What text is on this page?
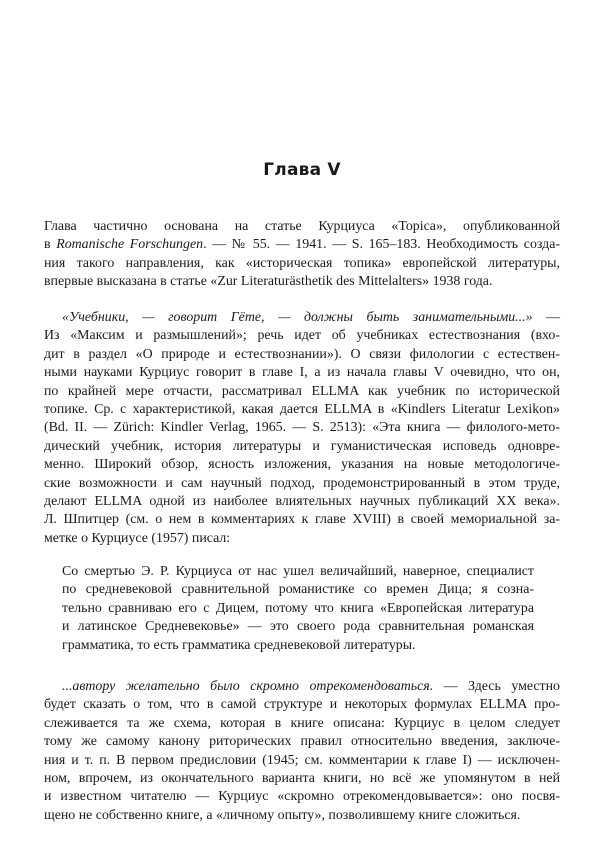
Глава V
Глава частично основана на статье Курциуса «Topica», опубликованной
в Romanische Forschungen. — № 55. — 1941. — S. 165–183. Необходимость созда-
ния такого направления, как «историческая топика» европейской литературы,
впервые высказана в статье «Zur Literaturästhetik des Mittelalters» 1938 года.
«Учебники, — говорит Гёте, — должны быть занимательными...» —
Из «Максим и размышлений»; речь идет об учебниках естествознания (вхо-
дит в раздел «О природе и естествознании»). О связи филологии с естествен-
ными науками Курциус говорит в главе I, а из начала главы V очевидно, что он,
по крайней мере отчасти, рассматривал ELLMA как учебник по исторической
топике. Ср. с характеристикой, какая дается ELLMA в «Kindlers Literatur Lexikon»
(Bd. II. — Zürich: Kindler Verlag, 1965. — S. 2513): «Эта книга — филолого-мето-
дический учебник, история литературы и гуманистическая исповедь одновре-
менно. Широкий обзор, ясность изложения, указания на новые методологиче-
ские возможности и сам научный подход, продемонстрированный в этом труде,
делают ELLMA одной из наиболее влиятельных научных публикаций XX века».
Л. Шпитцер (см. о нем в комментариях к главе XVIII) в своей мемориальной за-
метке о Курциусе (1957) писал:
Со смертью Э. Р. Курциуса от нас ушел величайший, наверное, специалист
по средневековой сравнительной романистике со времен Дица; я созна-
тельно сравниваю его с Дицем, потому что книга «Европейская литература
и латинское Средневековье» — это своего рода сравнительная романская
грамматика, то есть грамматика средневековой литературы.
...автору желательно было скромно отрекомендоваться. — Здесь уместно
будет сказать о том, что в самой структуре и некоторых формулах ELLMA про-
слеживается та же схема, которая в книге описана: Курциус в целом следует
тому же самому канону риторических правил относительно введения, заключе-
ния и т. п. В первом предисловии (1945; см. комментарии к главе I) — исключен-
ном, впрочем, из окончательного варианта книги, но всё же упомянутом в ней
и известном читателю — Курциус «скромно отрекомендовывается»: оно посвя-
щено не собственно книге, а «личному опыту», позволившему книге сложиться.
